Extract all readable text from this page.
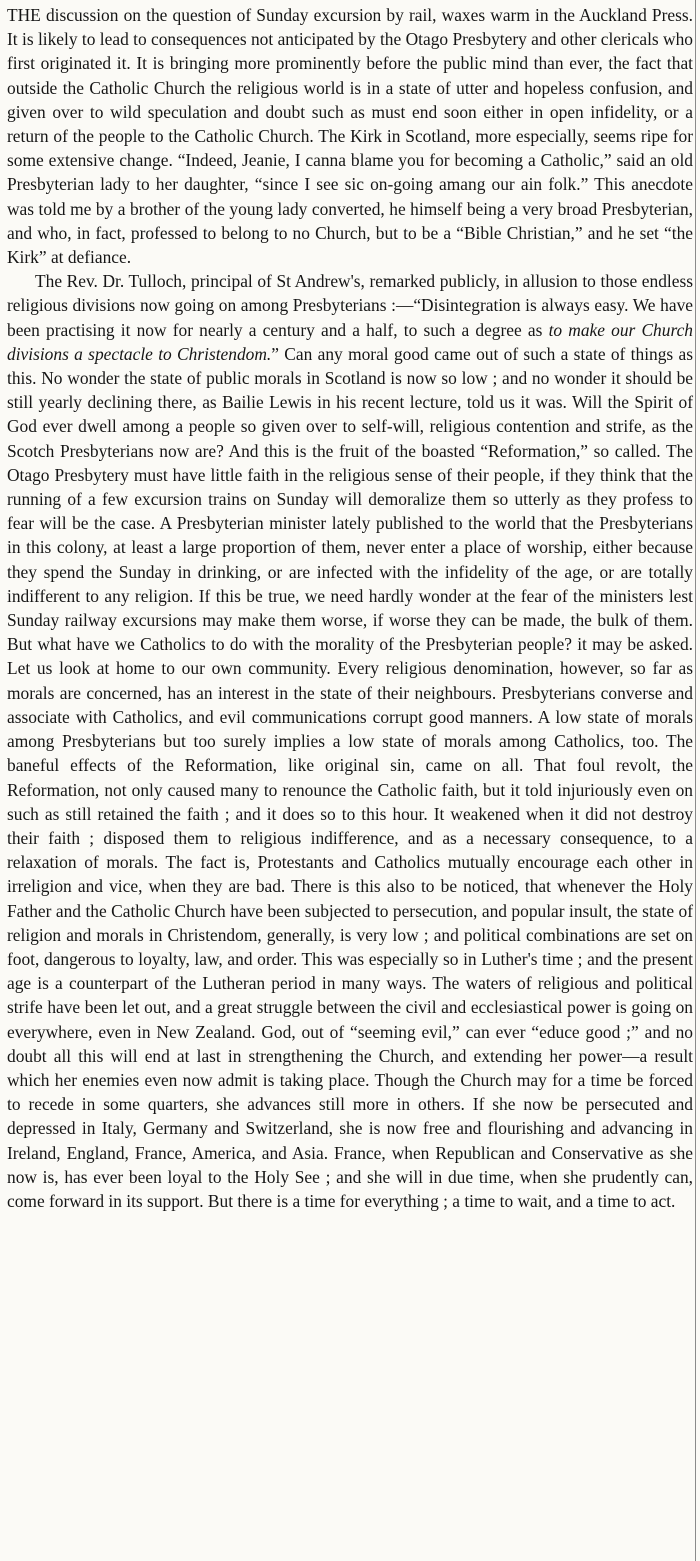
THE discussion on the question of Sunday excursion by rail, waxes warm in the Auckland Press. It is likely to lead to consequences not anticipated by the Otago Presbytery and other clericals who first originated it. It is bringing more prominently before the public mind than ever, the fact that outside the Catholic Church the religious world is in a state of utter and hopeless confusion, and given over to wild speculation and doubt such as must end soon either in open infidelity, or a return of the people to the Catholic Church. The Kirk in Scotland, more especially, seems ripe for some extensive change. “Indeed, Jeanie, I canna blame you for becoming a Catholic,” said an old Presbyterian lady to her daughter, “since I see sic on-going amang our ain folk.” This anecdote was told me by a brother of the young lady converted, he himself being a very broad Presbyterian, and who, in fact, professed to belong to no Church, but to be a “Bible Christian,” and he set “the Kirk” at defiance.

The Rev. Dr. Tulloch, principal of St Andrew's, remarked publicly, in allusion to those endless religious divisions now going on among Presbyterians :—“Disintegration is always easy. We have been practising it now for nearly a century and a half, to such a degree as to make our Church divisions a spectacle to Christendom.” Can any moral good came out of such a state of things as this. No wonder the state of public morals in Scotland is now so low ; and no wonder it should be still yearly declining there, as Bailie Lewis in his recent lecture, told us it was. Will the Spirit of God ever dwell among a people so given over to self-will, religious contention and strife, as the Scotch Presbyterians now are? And this is the fruit of the boasted “Reformation,” so called. The Otago Presbytery must have little faith in the religious sense of their people, if they think that the running of a few excursion trains on Sunday will demoralize them so utterly as they profess to fear will be the case. A Presbyterian minister lately published to the world that the Presbyterians in this colony, at least a large proportion of them, never enter a place of worship, either because they spend the Sunday in drinking, or are infected with the infidelity of the age, or are totally indifferent to any religion. If this be true, we need hardly wonder at the fear of the ministers lest Sunday railway excursions may make them worse, if worse they can be made, the bulk of them. But what have we Catholics to do with the morality of the Presbyterian people? it may be asked. Let us look at home to our own community. Every religious denomination, however, so far as morals are concerned, has an interest in the state of their neighbours. Presbyterians converse and associate with Catholics, and evil communications corrupt good manners. A low state of morals among Presbyterians but too surely implies a low state of morals among Catholics, too. The baneful effects of the Reformation, like original sin, came on all. That foul revolt, the Reformation, not only caused many to renounce the Catholic faith, but it told injuriously even on such as still retained the faith ; and it does so to this hour. It weakened when it did not destroy their faith ; disposed them to religious indifference, and as a necessary consequence, to a relaxation of morals. The fact is, Protestants and Catholics mutually encourage each other in irreligion and vice, when they are bad. There is this also to be noticed, that whenever the Holy Father and the Catholic Church have been subjected to persecution, and popular insult, the state of religion and morals in Christendom, generally, is very low ; and political combinations are set on foot, dangerous to loyalty, law, and order. This was especially so in Luther's time ; and the present age is a counterpart of the Lutheran period in many ways. The waters of religious and political strife have been let out, and a great struggle between the civil and ecclesiastical power is going on everywhere, even in New Zealand. God, out of “seeming evil,” can ever “educe good ;” and no doubt all this will end at last in strengthening the Church, and extending her power—a result which her enemies even now admit is taking place. Though the Church may for a time be forced to recede in some quarters, she advances still more in others. If she now be persecuted and depressed in Italy, Germany and Switzerland, she is now free and flourishing and advancing in Ireland, England, France, America, and Asia. France, when Republican and Conservative as she now is, has ever been loyal to the Holy See ; and she will in due time, when she prudently can, come forward in its support. But there is a time for everything ; a time to wait, and a time to act.
